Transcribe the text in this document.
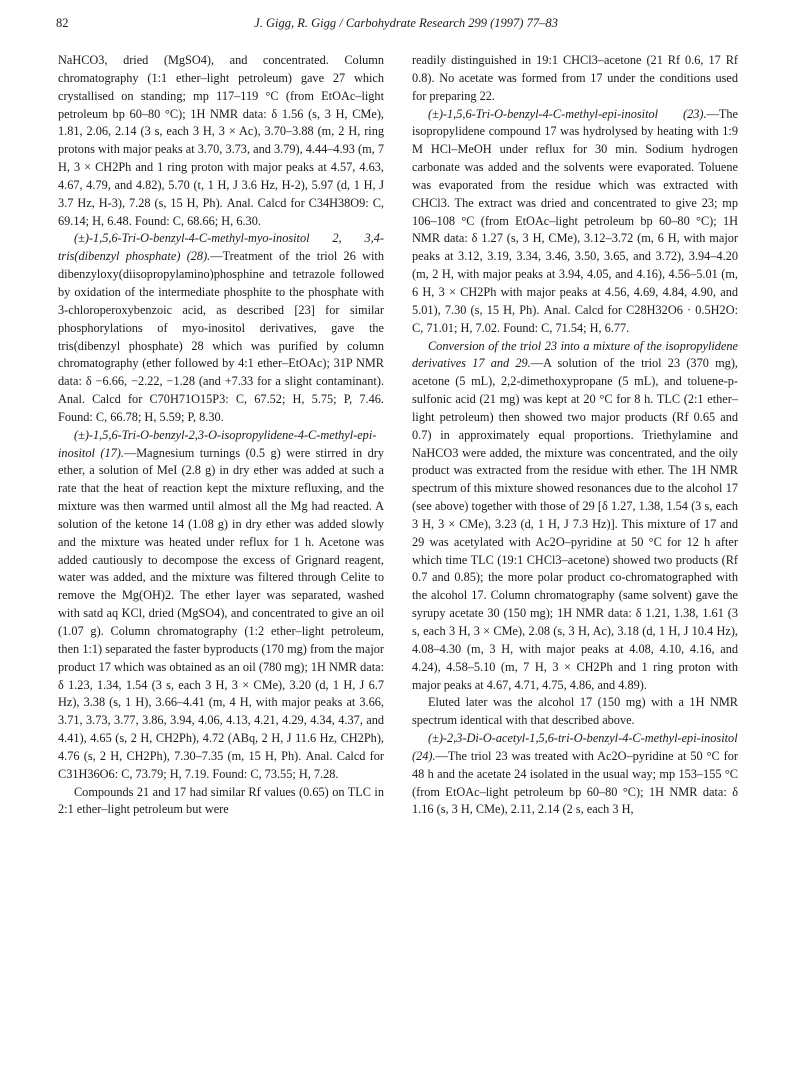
82	J. Gigg, R. Gigg / Carbohydrate Research 299 (1997) 77–83

NaHCO3, dried (MgSO4), and concentrated. Column chromatography (1:1 ether–light petroleum) gave 27 which crystallised on standing; mp 117–119 °C (from EtOAc–light petroleum bp 60–80 °C); 1H NMR data: δ 1.56 (s, 3 H, CMe), 1.81, 2.06, 2.14 (3 s, each 3 H, 3 × Ac), 3.70–3.88 (m, 2 H, ring protons with major peaks at 3.70, 3.73, and 3.79), 4.44–4.93 (m, 7 H, 3 × CH2Ph and 1 ring proton with major peaks at 4.57, 4.63, 4.67, 4.79, and 4.82), 5.70 (t, 1 H, J 3.6 Hz, H-2), 5.97 (d, 1 H, J 3.7 Hz, H-3), 7.28 (s, 15 H, Ph). Anal. Calcd for C34H38O9: C, 69.14; H, 6.48. Found: C, 68.66; H, 6.30.

(±)-1,5,6-Tri-O-benzyl-4-C-methyl-myo-inositol 2, 3,4-tris(dibenzyl phosphate) (28).—Treatment of the triol 26 with dibenzyloxy(diisopropylamino)phosphine and tetrazole followed by oxidation of the intermediate phosphite to the phosphate with 3-chloroperoxybenzoic acid, as described [23] for similar phosphorylations of myo-inositol derivatives, gave the tris(dibenzyl phosphate) 28 which was purified by column chromatography (ether followed by 4:1 ether–EtOAc); 31P NMR data: δ −6.66, −2.22, −1.28 (and +7.33 for a slight contaminant). Anal. Calcd for C70H71O15P3: C, 67.52; H, 5.75; P, 7.46. Found: C, 66.78; H, 5.59; P, 8.30.

(±)-1,5,6-Tri-O-benzyl-2,3-O-isopropylidene-4-C-methyl-epi-inositol (17).—Magnesium turnings (0.5 g) were stirred in dry ether, a solution of MeI (2.8 g) in dry ether was added at such a rate that the heat of reaction kept the mixture refluxing, and the mixture was then warmed until almost all the Mg had reacted. A solution of the ketone 14 (1.08 g) in dry ether was added slowly and the mixture was heated under reflux for 1 h. Acetone was added cautiously to decompose the excess of Grignard reagent, water was added, and the mixture was filtered through Celite to remove the Mg(OH)2. The ether layer was separated, washed with satd aq KCl, dried (MgSO4), and concentrated to give an oil (1.07 g). Column chromatography (1:2 ether–light petroleum, then 1:1) separated the faster byproducts (170 mg) from the major product 17 which was obtained as an oil (780 mg); 1H NMR data: δ 1.23, 1.34, 1.54 (3 s, each 3 H, 3 × CMe), 3.20 (d, 1 H, J 6.7 Hz), 3.38 (s, 1 H), 3.66–4.41 (m, 4 H, with major peaks at 3.66, 3.71, 3.73, 3.77, 3.86, 3.94, 4.06, 4.13, 4.21, 4.29, 4.34, 4.37, and 4.41), 4.65 (s, 2 H, CH2Ph), 4.72 (ABq, 2 H, J 11.6 Hz, CH2Ph), 4.76 (s, 2 H, CH2Ph), 7.30–7.35 (m, 15 H, Ph). Anal. Calcd for C31H36O6: C, 73.79; H, 7.19. Found: C, 73.55; H, 7.28.

Compounds 21 and 17 had similar Rf values (0.65) on TLC in 2:1 ether–light petroleum but were

readily distinguished in 19:1 CHCl3–acetone (21 Rf 0.6, 17 Rf 0.8). No acetate was formed from 17 under the conditions used for preparing 22.

(±)-1,5,6-Tri-O-benzyl-4-C-methyl-epi-inositol (23).—The isopropylidene compound 17 was hydrolysed by heating with 1:9 M HCl–MeOH under reflux for 30 min. Sodium hydrogen carbonate was added and the solvents were evaporated. Toluene was evaporated from the residue which was extracted with CHCl3. The extract was dried and concentrated to give 23; mp 106–108 °C (from EtOAc–light petroleum bp 60–80 °C); 1H NMR data: δ 1.27 (s, 3 H, CMe), 3.12–3.72 (m, 6 H, with major peaks at 3.12, 3.19, 3.34, 3.46, 3.50, 3.65, and 3.72), 3.94–4.20 (m, 2 H, with major peaks at 3.94, 4.05, and 4.16), 4.56–5.01 (m, 6 H, 3 × CH2Ph with major peaks at 4.56, 4.69, 4.84, 4.90, and 5.01), 7.30 (s, 15 H, Ph). Anal. Calcd for C28H32O6 · 0.5H2O: C, 71.01; H, 7.02. Found: C, 71.54; H, 6.77.

Conversion of the triol 23 into a mixture of the isopropylidene derivatives 17 and 29.—A solution of the triol 23 (370 mg), acetone (5 mL), 2,2-dimethoxypropane (5 mL), and toluene-p-sulfonic acid (21 mg) was kept at 20 °C for 8 h. TLC (2:1 ether–light petroleum) then showed two major products (Rf 0.65 and 0.7) in approximately equal proportions. Triethylamine and NaHCO3 were added, the mixture was concentrated, and the oily product was extracted from the residue with ether. The 1H NMR spectrum of this mixture showed resonances due to the alcohol 17 (see above) together with those of 29 [δ 1.27, 1.38, 1.54 (3 s, each 3 H, 3 × CMe), 3.23 (d, 1 H, J 7.3 Hz)]. This mixture of 17 and 29 was acetylated with Ac2O–pyridine at 50 °C for 12 h after which time TLC (19:1 CHCl3–acetone) showed two products (Rf 0.7 and 0.85); the more polar product co-chromatographed with the alcohol 17. Column chromatography (same solvent) gave the syrupy acetate 30 (150 mg); 1H NMR data: δ 1.21, 1.38, 1.61 (3 s, each 3 H, 3 × CMe), 2.08 (s, 3 H, Ac), 3.18 (d, 1 H, J 10.4 Hz), 4.08–4.30 (m, 3 H, with major peaks at 4.08, 4.10, 4.16, and 4.24), 4.58–5.10 (m, 7 H, 3 × CH2Ph and 1 ring proton with major peaks at 4.67, 4.71, 4.75, 4.86, and 4.89).

Eluted later was the alcohol 17 (150 mg) with a 1H NMR spectrum identical with that described above.

(±)-2,3-Di-O-acetyl-1,5,6-tri-O-benzyl-4-C-methyl-epi-inositol (24).—The triol 23 was treated with Ac2O–pyridine at 50 °C for 48 h and the acetate 24 isolated in the usual way; mp 153–155 °C (from EtOAc–light petroleum bp 60–80 °C); 1H NMR data: δ 1.16 (s, 3 H, CMe), 2.11, 2.14 (2 s, each 3 H,
